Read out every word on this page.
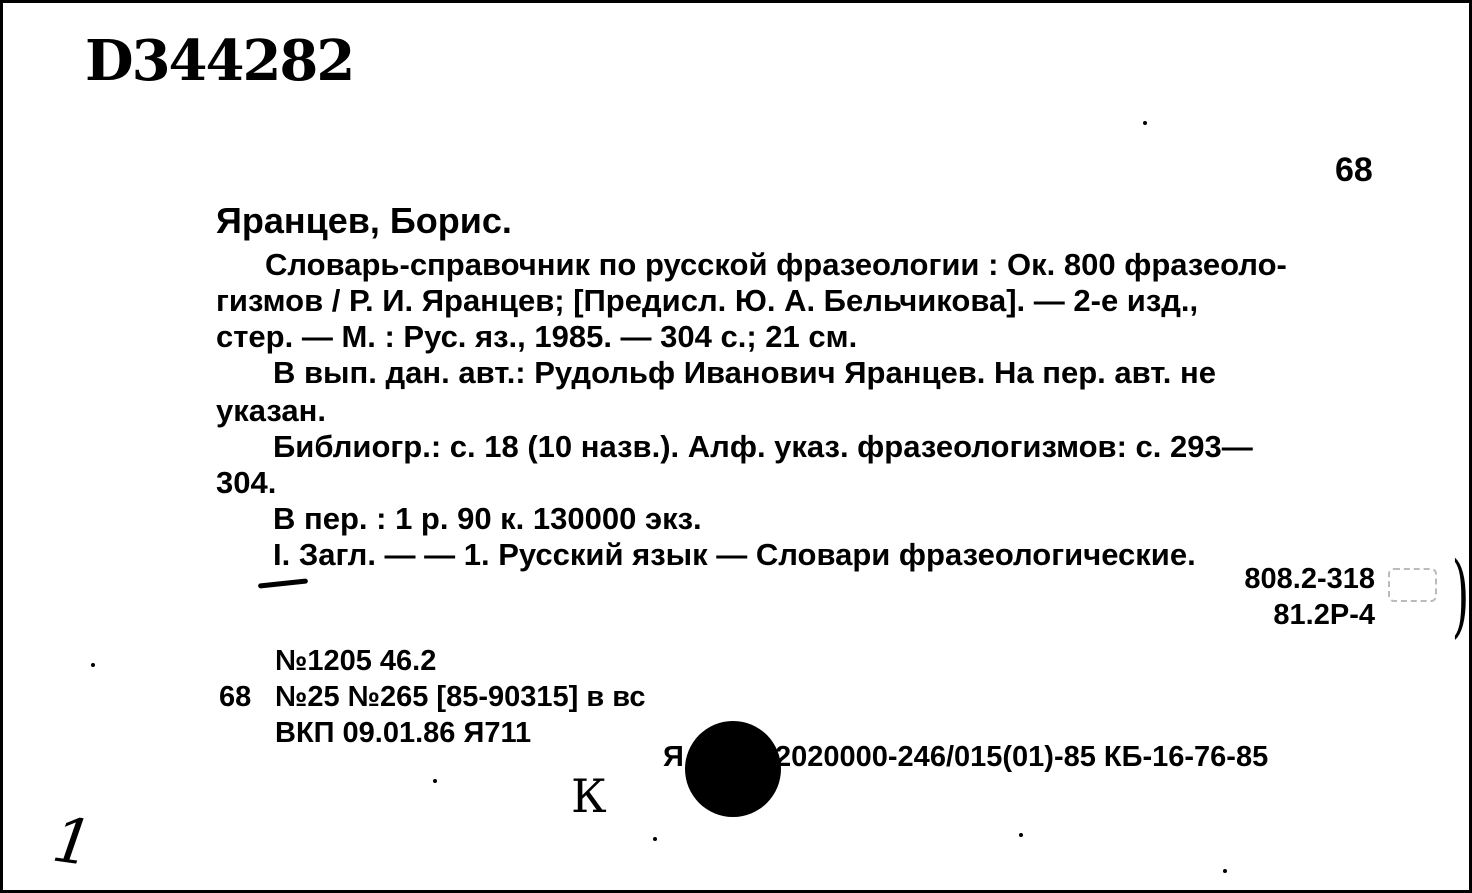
D344282
68
Яранцев, Борис.
Словарь-справочник по русской фразеологии : Ок. 800 фразеоло-
гизмов / Р. И. Яранцев; [Предисл. Ю. А. Бельчикова]. — 2-е изд.,
стер. — М. : Рус. яз., 1985. — 304 с.; 21 см.
В вып. дан. авт.: Рудольф Иванович Яранцев. На пер. авт. не
указан.
Библиогр.: с. 18 (10 назв.). Алф. указ. фразеологизмов: с. 293—
304.
В пер. : 1 р. 90 к. 130000 экз.
I. Загл. — — 1. Русский язык — Словари фразеологические.
808.2-318
81.2Р-4 )
№1205 46.2
68 №25 №265 [85-90315] в вс
ВКП 09.01.86 Я711
Я	2020000-246/015(01)-85 КБ-16-76-85
К
1
